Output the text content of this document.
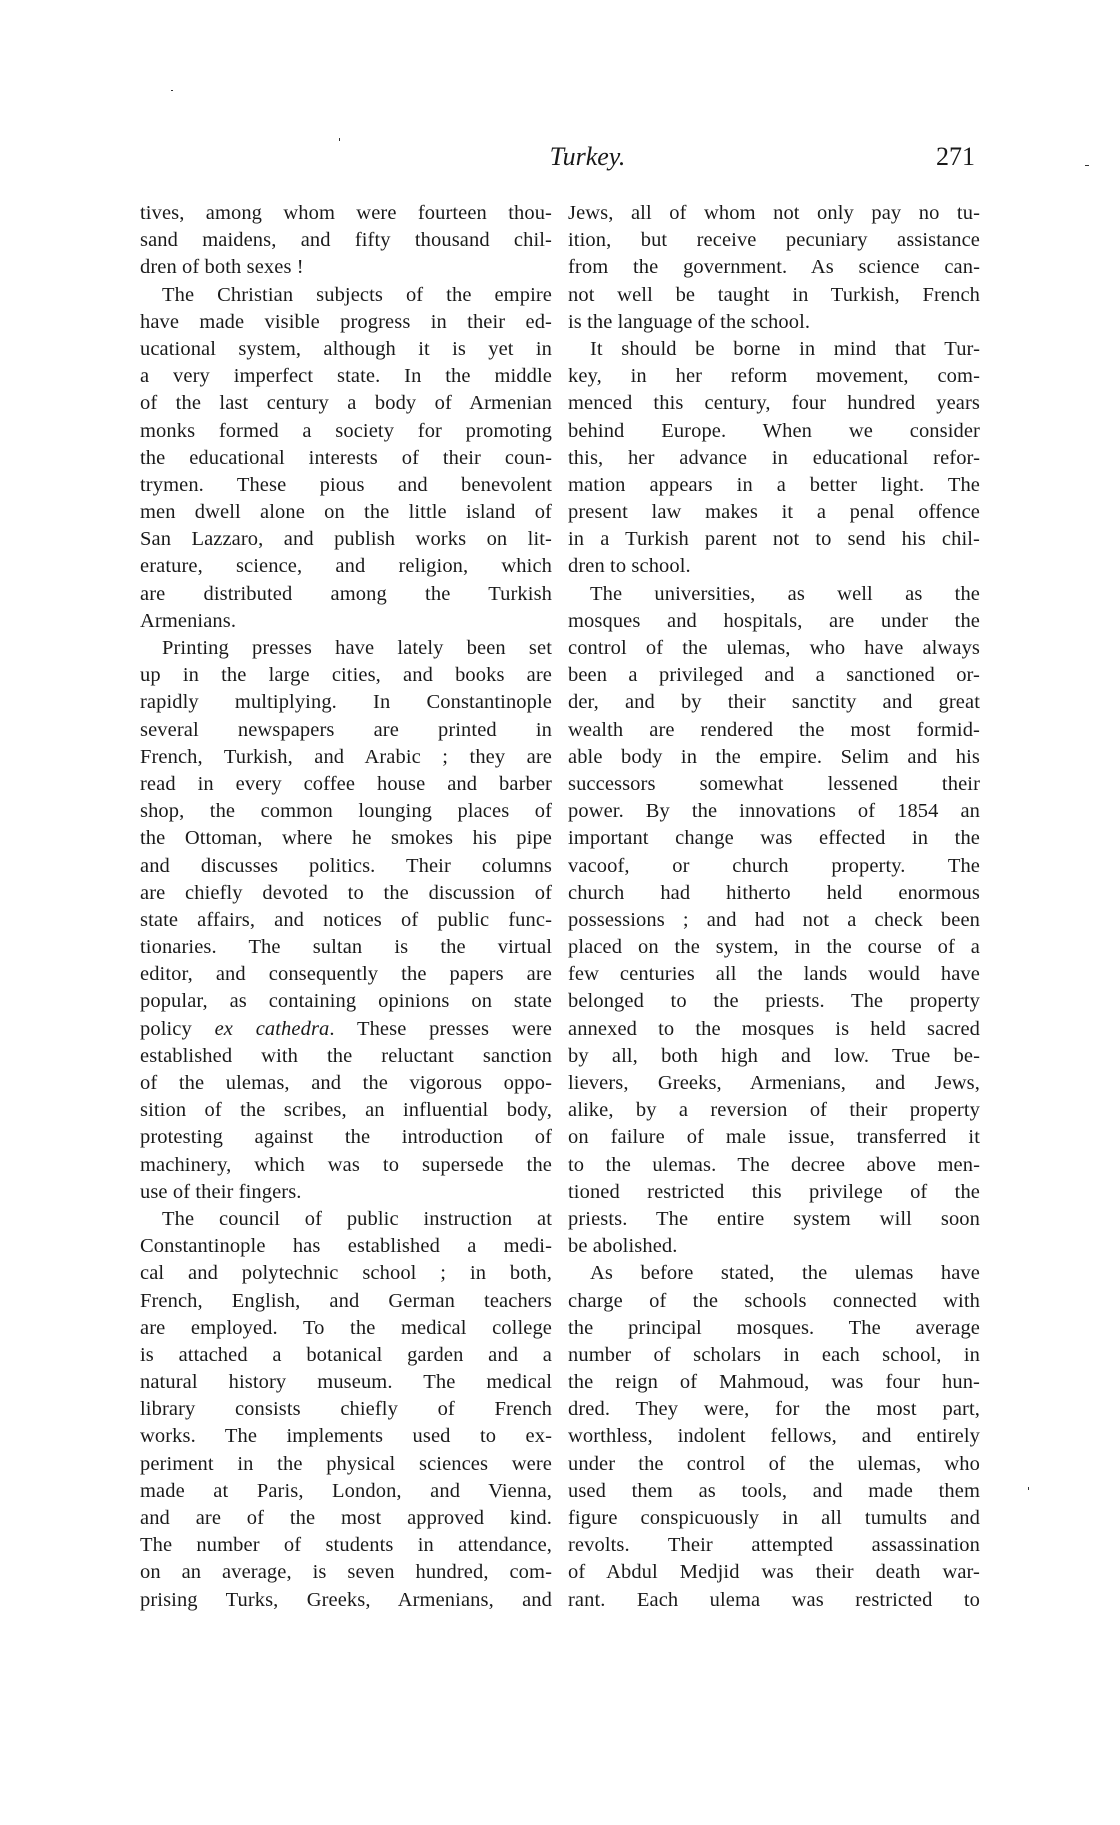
Turkey.	271
tives, among whom were fourteen thou-
sand maidens, and fifty thousand chil-
dren of both sexes !
The Christian subjects of the empire
have made visible progress in their ed-
ucational system, although it is yet in
a very imperfect state. In the middle
of the last century a body of Armenian
monks formed a society for promoting
the educational interests of their coun-
trymen. These pious and benevolent
men dwell alone on the little island of
San Lazzaro, and publish works on lit-
erature, science, and religion, which
are distributed among the Turkish
Armenians.
Printing presses have lately been set
up in the large cities, and books are
rapidly multiplying. In Constantinople
several newspapers are printed in
French, Turkish, and Arabic ; they are
read in every coffee house and barber
shop, the common lounging places of
the Ottoman, where he smokes his pipe
and discusses politics. Their columns
are chiefly devoted to the discussion of
state affairs, and notices of public func-
tionaries. The sultan is the virtual
editor, and consequently the papers are
popular, as containing opinions on state
policy ex cathedra. These presses were
established with the reluctant sanction
of the ulemas, and the vigorous oppo-
sition of the scribes, an influential body,
protesting against the introduction of
machinery, which was to supersede the
use of their fingers.
The council of public instruction at
Constantinople has established a medi-
cal and polytechnic school ; in both,
French, English, and German teachers
are employed. To the medical college
is attached a botanical garden and a
natural history museum. The medical
library consists chiefly of French
works. The implements used to ex-
periment in the physical sciences were
made at Paris, London, and Vienna,
and are of the most approved kind.
The number of students in attendance,
on an average, is seven hundred, com-
prising Turks, Greeks, Armenians, and
Jews, all of whom not only pay no tu-
ition, but receive pecuniary assistance
from the government. As science can-
not well be taught in Turkish, French
is the language of the school.
It should be borne in mind that Tur-
key, in her reform movement, com-
menced this century, four hundred years
behind Europe. When we consider
this, her advance in educational refor-
mation appears in a better light. The
present law makes it a penal offence
in a Turkish parent not to send his chil-
dren to school.
The universities, as well as the
mosques and hospitals, are under the
control of the ulemas, who have always
been a privileged and a sanctioned or-
der, and by their sanctity and great
wealth are rendered the most formid-
able body in the empire. Selim and his
successors somewhat lessened their
power. By the innovations of 1854 an
important change was effected in the
vacoof, or church property. The
church had hitherto held enormous
possessions ; and had not a check been
placed on the system, in the course of a
few centuries all the lands would have
belonged to the priests. The property
annexed to the mosques is held sacred
by all, both high and low. True be-
lievers, Greeks, Armenians, and Jews,
alike, by a reversion of their property
on failure of male issue, transferred it
to the ulemas. The decree above men-
tioned restricted this privilege of the
priests. The entire system will soon
be abolished.
As before stated, the ulemas have
charge of the schools connected with
the principal mosques. The average
number of scholars in each school, in
the reign of Mahmoud, was four hun-
dred. They were, for the most part,
worthless, indolent fellows, and entirely
under the control of the ulemas, who
used them as tools, and made them
figure conspicuously in all tumults and
revolts. Their attempted assassination
of Abdul Medjid was their death war-
rant. Each ulema was restricted to
